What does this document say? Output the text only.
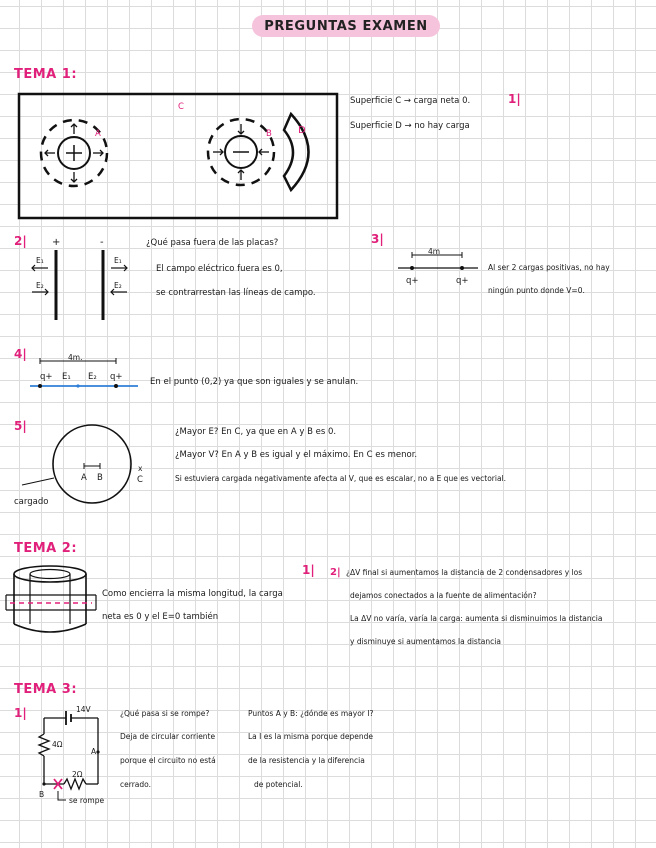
PREGUNTAS EXAMEN
TEMA 1:
A	B
C
D
Superficie C → carga neta 0.
Superficie D → no hay carga
1|
2|	+	-
E₁
E₂
E₁
E₂
¿Qué pasa fuera de las placas?
El campo eléctrico fuera es 0,
se contrarrestan las líneas de campo.
3|
4m
q+	q+
Al ser 2 cargas positivas, no hay
ningún punto donde V=0.
4|	4m.
q+ E₁ E₂ q+	En el punto (0,2) ya que son iguales y se anulan.
5|
A B
x
C
cargado
¿Mayor E? En C, ya que en A y B es 0.
¿Mayor V? En A y B es igual y el máximo. En C es menor.
Si estuviera cargada negativamente afecta al V, que es escalar, no a E que es vectorial.
TEMA 2:
Como encierra la misma longitud, la carga
neta es 0 y el E=0 también
1| 2| ¿ΔV final si aumentamos la distancia de 2 condensadores y los
dejamos conectados a la fuente de alimentación?
La ΔV no varía, varía la carga: aumenta si disminuimos la distancia
y disminuye si aumentamos la distancia
TEMA 3:
1|	14V
4Ω
2Ω
A
B
se rompe
¿Qué pasa si se rompe?
Deja de circular corriente
porque el circuito no está
cerrado.
Puntos A y B: ¿dónde es mayor I?
La I es la misma porque depende
de la resistencia y la diferencia
de potencial.
